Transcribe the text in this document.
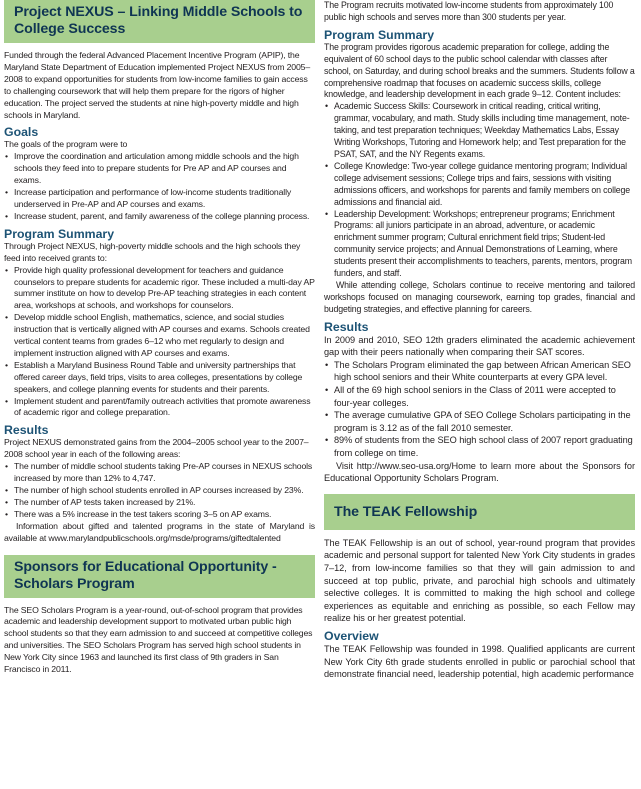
Project NEXUS – Linking Middle Schools to College Success

Funded through the federal Advanced Placement Incentive Program (APIP), the Maryland State Department of Education implemented Project NEXUS from 2005–2008 to expand opportunities for students from low-income families to gain access to challenging coursework that will help them prepare for the rigors of higher education. The project served the students at nine high-poverty middle and high schools in Maryland.

Goals

The goals of the program were to

• Improve the coordination and articulation among middle schools and the high schools they feed into to prepare students for Pre AP and AP courses and exams.
• Increase participation and performance of low-income students traditionally underserved in Pre-AP and AP courses and exams.
• Increase student, parent, and family awareness of the college planning process.
Program Summary

Through Project NEXUS, high-poverty middle schools and the high schools they feed into received grants to:

• Provide high quality professional development for teachers and guidance counselors to prepare students for academic rigor. These included a multi-day AP summer institute on how to develop Pre-AP teaching strategies in each content area, workshops at schools, and workshops for counselors.
• Develop middle school English, mathematics, science, and social studies instruction that is vertically aligned with AP courses and exams. Schools created vertical content teams from grades 6–12 who met regularly to design and implement instruction aligned with AP courses and exams.
• Establish a Maryland Business Round Table and university partnerships that offered career days, field trips, visits to area colleges, presentations by college speakers, and college planning events for students and their parents.
• Implement student and parent/family outreach activities that promote awareness of academic rigor and college preparation.
Results

Project NEXUS demonstrated gains from the 2004–2005 school year to the 2007–2008 school year in each of the following areas:

• The number of middle school students taking Pre-AP courses in NEXUS schools increased by more than 12% to 4,747.
• The number of high school students enrolled in AP courses increased by 23%.
• The number of AP tests taken increased by 21%.
• There was a 5% increase in the test takers scoring 3–5 on AP exams.

Information about gifted and talented programs in the state of Maryland is available at www.marylandpublicschools.org/msde/programs/giftedtalented

Sponsors for Educational Opportunity - Scholars Program

The SEO Scholars Program is a year-round, out-of-school program that provides academic and leadership development support to motivated urban public high school students so that they earn admission to and succeed at competitive colleges and universities. The SEO Scholars Program has served high school students in New York City since 1963 and launched its first class of 9th graders in San Francisco in 2011.

The Program recruits motivated low-income students from approximately 100 public high schools and serves more than 300 students per year.

Program Summary

The program provides rigorous academic preparation for college, adding the equivalent of 60 school days to the public school calendar with classes after school, on Saturday, and during school breaks and the summers. Students follow a comprehensive roadmap that focuses on academic success skills, college knowledge, and leadership development in each grade 9–12. Content includes:

• Academic Success Skills: Coursework in critical reading, critical writing, grammar, vocabulary, and math. Study skills including time management, note-taking, and test preparation techniques; Weekday Mathematics Labs, Essay Writing Workshops, Tutoring and Homework help; and Test preparation for the PSAT, SAT, and the NY Regents exams.
• College Knowledge: Two-year college guidance mentoring program; Individual college advisement sessions; College trips and fairs, sessions with visiting admissions officers, and workshops for parents and family members on college admissions and financial aid.
• Leadership Development: Workshops; entrepreneur programs; Enrichment Programs: all juniors participate in an abroad, adventure, or academic enrichment summer program; Cultural enrichment field trips; Student-led community service projects; and Annual Demonstrations of Learning, where students present their accomplishments to teachers, parents, mentors, program funders, and staff.

While attending college, Scholars continue to receive mentoring and tailored workshops focused on managing coursework, earning top grades, financial and budgeting strategies, and effective planning for careers.

Results

In 2009 and 2010, SEO 12th graders eliminated the academic achievement gap with their peers nationally when comparing their SAT scores.

• The Scholars Program eliminated the gap between African American SEO high school seniors and their White counterparts at every GPA level.
• All of the 69 high school seniors in the Class of 2011 were accepted to four-year colleges.
• The average cumulative GPA of SEO College Scholars participating in the program is 3.12 as of the fall 2010 semester.
• 89% of students from the SEO high school class of 2007 report graduating from college on time.

Visit http://www.seo-usa.org/Home to learn more about the Sponsors for Educational Opportunity Scholars Program.

The TEAK Fellowship

The TEAK Fellowship is an out of school, year-round program that provides academic and personal support for talented New York City students in grades 7–12, from low-income families so that they will gain admission to and succeed at top public, private, and parochial high schools and ultimately selective colleges. It is committed to making the high school and college experiences as equitable and enriching as possible, so each Fellow may realize his or her greatest potential.

Overview

The TEAK Fellowship was founded in 1998. Qualified applicants are current New York City 6th grade students enrolled in public or parochial school that demonstrate financial need, leadership potential, high academic performance
